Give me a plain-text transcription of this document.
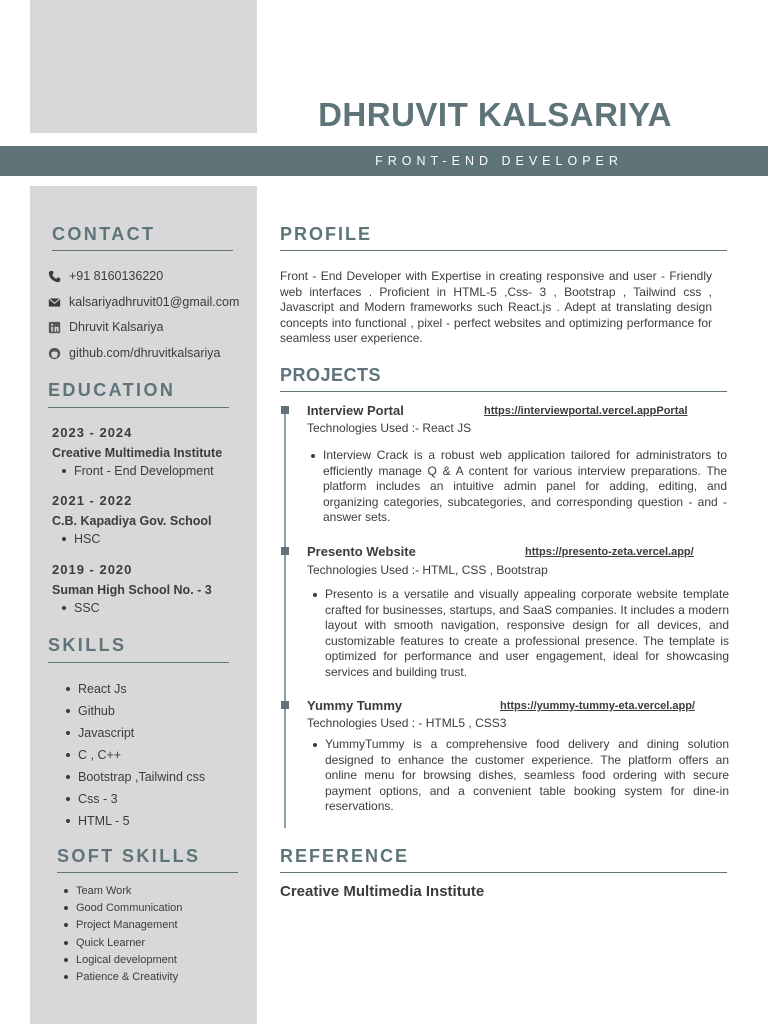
DHRUVIT KALSARIYA
FRONT-END DEVELOPER
CONTACT
+91 8160136220
kalsariyadhruvit01@gmail.com
Dhruvit Kalsariya
github.com/dhruvitkalsariya
EDUCATION

2023 - 2024

Creative Multimedia Institute

Front - End Development

2021 - 2022

C.B. Kapadiya Gov. School

HSC

2019 - 2020

Suman High School No. - 3

SSC

SKILLS
React Js
Github
Javascript
C , C++
Bootstrap ,Tailwind css
Css - 3
HTML - 5
SOFT SKILLS
Team Work
Good Communication
Project Management
Quick Learner
Logical development
Patience & Creativity
PROFILE

Front - End Developer with Expertise in creating responsive and user - Friendly web interfaces . Proficient in HTML-5 ,Css- 3 , Bootstrap , Tailwind css , Javascript and Modern frameworks such React.js . Adept at translating design concepts into functional , pixel - perfect websites and optimizing performance for seamless user experience.

PROJECTS

Interview Portal	https://interviewportal.vercel.appPortal

Technologies Used :- React JS

Interview Crack is a robust web application tailored for administrators to efficiently manage Q & A content for various interview preparations. The platform includes an intuitive admin panel for adding, editing, and organizing categories, subcategories, and corresponding question - and - answer sets.

Presento Website	https://presento-zeta.vercel.app/

Technologies Used :- HTML, CSS , Bootstrap

Presento is a versatile and visually appealing corporate website template crafted for businesses, startups, and SaaS companies. It includes a modern layout with smooth navigation, responsive design for all devices, and customizable features to create a professional presence. The template is optimized for performance and user engagement, ideal for showcasing services and building trust.

Yummy Tummy	https://yummy-tummy-eta.vercel.app/

Technologies Used : - HTML5 , CSS3

YummyTummy is a comprehensive food delivery and dining solution designed to enhance the customer experience. The platform offers an online menu for browsing dishes, seamless food ordering with secure payment options, and a convenient table booking system for dine-in reservations.
REFERENCE

Creative Multimedia Institute
